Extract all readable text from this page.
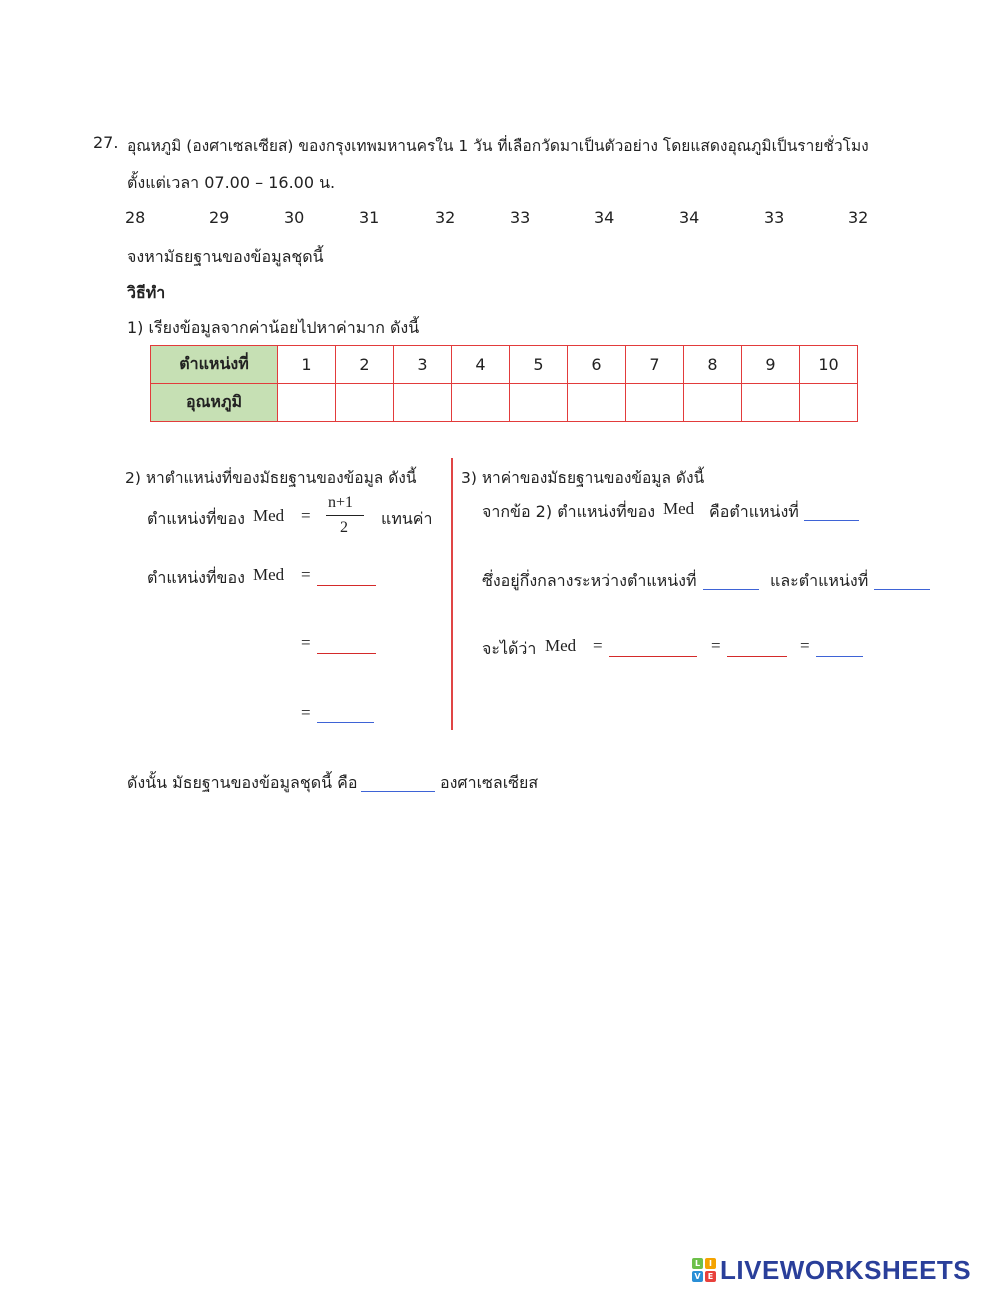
27. อุณหภูมิ (องศาเซลเซียส) ของกรุงเทพมหานครใน 1 วัน ที่เลือกวัดมาเป็นตัวอย่าง โดยแสดงอุณภูมิเป็นรายชั่วโมง
ตั้งแต่เวลา 07.00 – 16.00 น.
28	29	30	31	32	33	34	34	33	32
จงหามัธยฐานของข้อมูลชุดนี้
วิธีทำ
1) เรียงข้อมูลจากค่าน้อยไปหาค่ามาก ดังนี้
ตำแหน่งที่	1	2	3	4	5	6	7	8	9	10
อุณหภูมิ										
2) หาตำแหน่งที่ของมัธยฐานของข้อมูล ดังนี้
ตำแหน่งที่ของ Med =
n+1
2 แทนค่า
ตำแหน่งที่ของ Med =
=
=
3) หาค่าของมัธยฐานของข้อมูล ดังนี้
จากข้อ 2) ตำแหน่งที่ของ Med คือตำแหน่งที่
ซึ่งอยู่กึ่งกลางระหว่างตำแหน่งที่	และตำแหน่งที่
จะได้ว่า Med =	=	=
ดังนั้น มัธยฐานของข้อมูลชุดนี้ คือ	องศาเซลเซียส
L	I
V E LIVEWORKSHEETS
